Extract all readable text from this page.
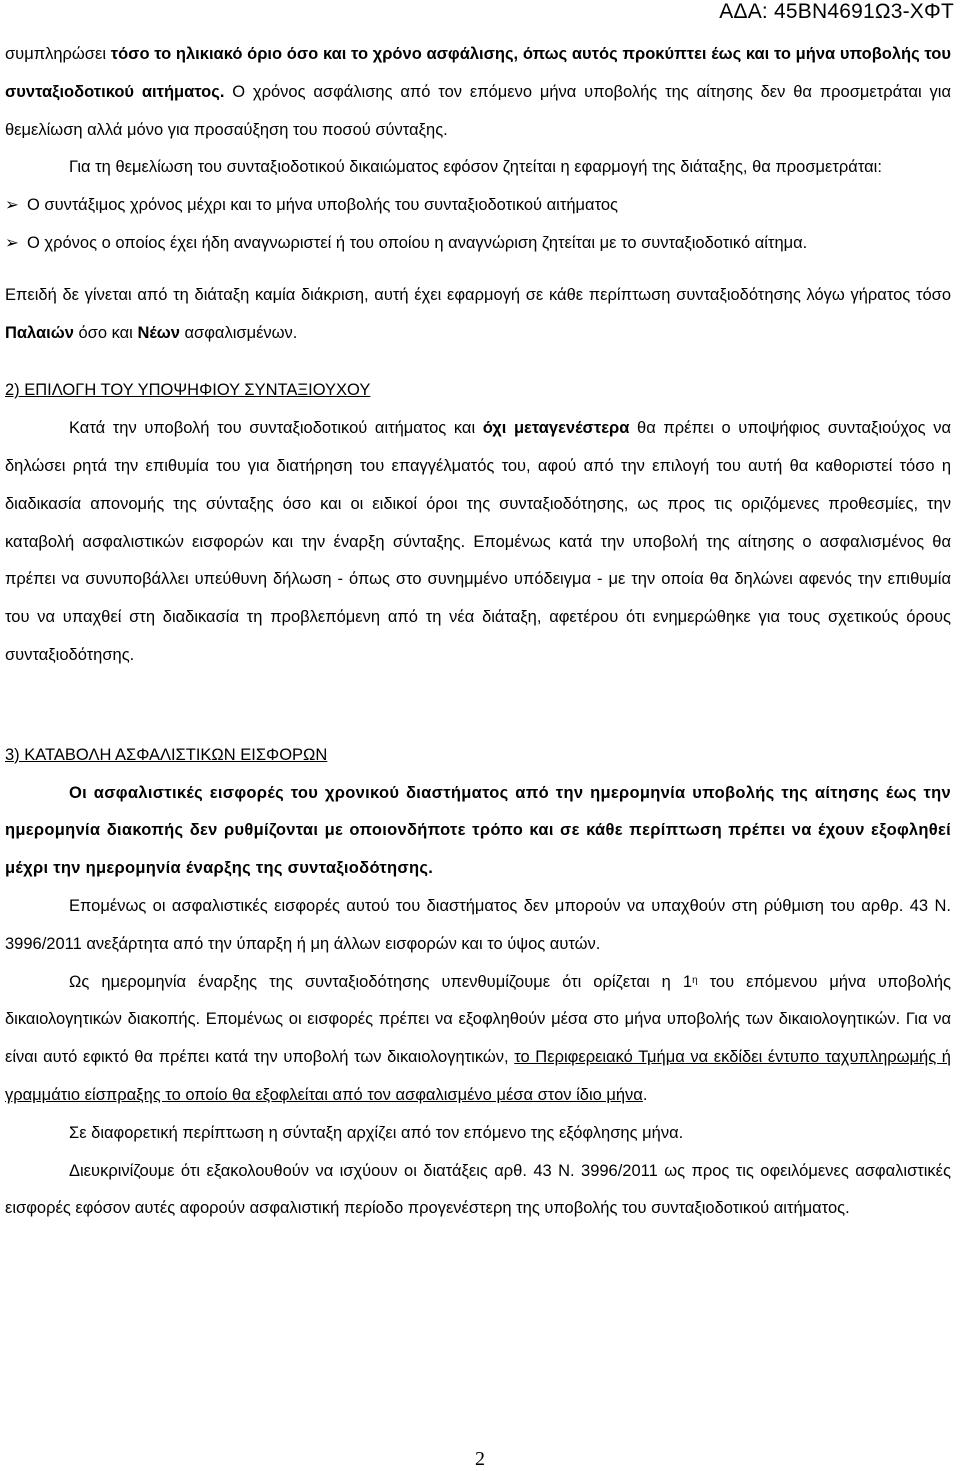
ΑΔΑ: 45ΒΝ4691Ω3-ΧΦΤ

συμπληρώσει τόσο το ηλικιακό όριο όσο και το χρόνο ασφάλισης, όπως αυτός προκύπτει έως και το μήνα υποβολής του συνταξιοδοτικού αιτήματος. Ο χρόνος ασφάλισης από τον επόμενο μήνα υποβολής της αίτησης δεν θα προσμετράται για θεμελίωση αλλά μόνο για προσαύξηση του ποσού σύνταξης.

Για τη θεμελίωση του συνταξιοδοτικού δικαιώματος εφόσον ζητείται η εφαρμογή της διάταξης, θα προσμετράται:

➢ Ο συντάξιμος χρόνος μέχρι και το μήνα υποβολής του συνταξιοδοτικού αιτήματος

➢ Ο χρόνος ο οποίος έχει ήδη αναγνωριστεί ή του οποίου η αναγνώριση ζητείται με το συνταξιοδοτικό αίτημα.

Επειδή δε γίνεται από τη διάταξη καμία διάκριση, αυτή έχει εφαρμογή σε κάθε περίπτωση συνταξιοδότησης λόγω γήρατος τόσο Παλαιών όσο και Νέων ασφαλισμένων.

2) ΕΠΙΛΟΓΗ ΤΟΥ ΥΠΟΨΗΦΙΟΥ ΣΥΝΤΑΞΙΟΥΧΟΥ

Κατά την υποβολή του συνταξιοδοτικού αιτήματος και όχι μεταγενέστερα θα πρέπει ο υποψήφιος συνταξιούχος να δηλώσει ρητά την επιθυμία του για διατήρηση του επαγγέλματός του, αφού από την επιλογή του αυτή θα καθοριστεί τόσο η διαδικασία απονομής της σύνταξης όσο και οι ειδικοί όροι της συνταξιοδότησης, ως προς τις οριζόμενες προθεσμίες, την καταβολή ασφαλιστικών εισφορών και την έναρξη σύνταξης. Επομένως κατά την υποβολή της αίτησης ο ασφαλισμένος θα πρέπει να συνυποβάλλει υπεύθυνη δήλωση - όπως στο συνημμένο υπόδειγμα - με την οποία θα δηλώνει αφενός την επιθυμία του να υπαχθεί στη διαδικασία τη προβλεπόμενη από τη νέα διάταξη, αφετέρου ότι ενημερώθηκε για τους σχετικούς όρους συνταξιοδότησης.

3) ΚΑΤΑΒΟΛΗ ΑΣΦΑΛΙΣΤΙΚΩΝ ΕΙΣΦΟΡΩΝ

Οι ασφαλιστικές εισφορές του χρονικού διαστήματος από την ημερομηνία υποβολής της αίτησης έως την ημερομηνία διακοπής δεν ρυθμίζονται με οποιονδήποτε τρόπο και σε κάθε περίπτωση πρέπει να έχουν εξοφληθεί μέχρι την ημερομηνία έναρξης της συνταξιοδότησης.

Επομένως οι ασφαλιστικές εισφορές αυτού του διαστήματος δεν μπορούν να υπαχθούν στη ρύθμιση του αρθρ. 43 Ν. 3996/2011 ανεξάρτητα από την ύπαρξη ή μη άλλων εισφορών και το ύψος αυτών.

Ως ημερομηνία έναρξης της συνταξιοδότησης υπενθυμίζουμε ότι ορίζεται η $1^\eta$ του επόμενου μήνα υποβολής δικαιολογητικών διακοπής. Επομένως οι εισφορές πρέπει να εξοφληθούν μέσα στο μήνα υποβολής των δικαιολογητικών. Για να είναι αυτό εφικτό θα πρέπει κατά την υποβολή των δικαιολογητικών, το Περιφερειακό Τμήμα να εκδίδει έντυπο ταχυπληρωμής ή γραμμάτιο είσπραξης το οποίο θα εξοφλείται από τον ασφαλισμένο μέσα στον ίδιο μήνα.

Σε διαφορετική περίπτωση η σύνταξη αρχίζει από τον επόμενο της εξόφλησης μήνα.

Διευκρινίζουμε ότι εξακολουθούν να ισχύουν οι διατάξεις αρθ. 43 Ν. 3996/2011 ως προς τις οφειλόμενες ασφαλιστικές εισφορές εφόσον αυτές αφορούν ασφαλιστική περίοδο προγενέστερη της υποβολής του συνταξιοδοτικού αιτήματος.

2
